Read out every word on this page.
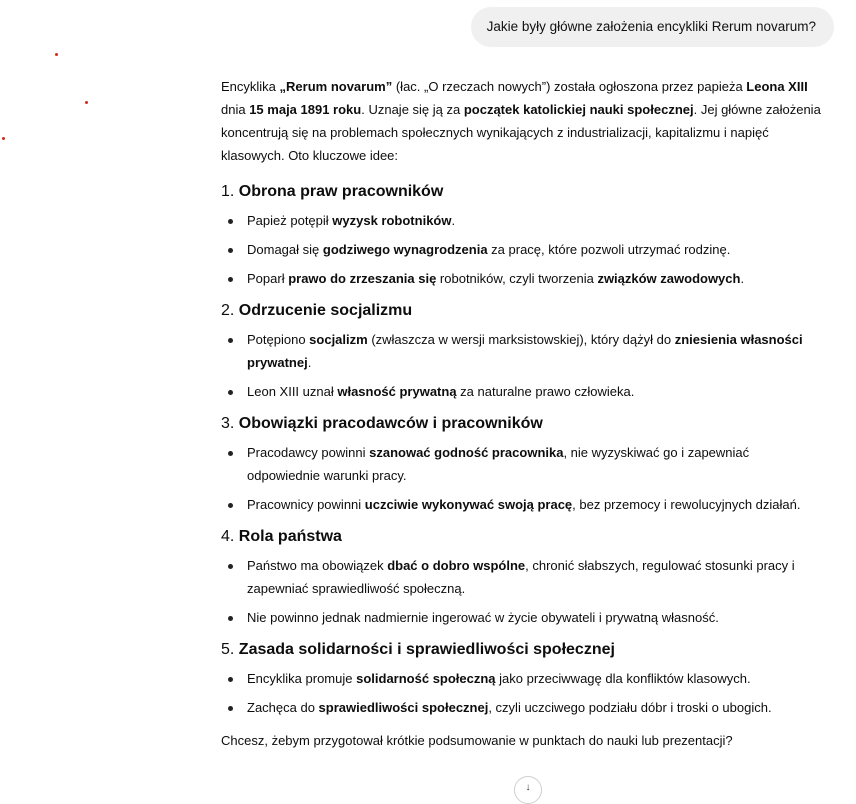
Jakie były główne założenia encykliki Rerum novarum?

Encyklika „Rerum novarum” (łac. „O rzeczach nowych”) została ogłoszona przez papieża Leona XIII dnia 15 maja 1891 roku. Uznaje się ją za początek katolickiej nauki społecznej. Jej główne założenia koncentrują się na problemach społecznych wynikających z industrializacji, kapitalizmu i napięć klasowych. Oto kluczowe idee:

1. Obrona praw pracowników
Papież potępił wyzysk robotników.
Domagał się godziwego wynagrodzenia za pracę, które pozwoli utrzymać rodzinę.
Poparł prawo do zrzeszania się robotników, czyli tworzenia związków zawodowych.
2. Odrzucenie socjalizmu
Potępiono socjalizm (zwłaszcza w wersji marksistowskiej), który dążył do zniesienia własności prywatnej.
Leon XIII uznał własność prywatną za naturalne prawo człowieka.
3. Obowiązki pracodawców i pracowników
Pracodawcy powinni szanować godność pracownika, nie wyzyskiwać go i zapewniać odpowiednie warunki pracy.
Pracownicy powinni uczciwie wykonywać swoją pracę, bez przemocy i rewolucyjnych działań.
4. Rola państwa
Państwo ma obowiązek dbać o dobro wspólne, chronić słabszych, regulować stosunki pracy i zapewniać sprawiedliwość społeczną.
Nie powinno jednak nadmiernie ingerować w życie obywateli i prywatną własność.
5. Zasada solidarności i sprawiedliwości społecznej
Encyklika promuje solidarność społeczną jako przeciwwagę dla konfliktów klasowych.
Zachęca do sprawiedliwości społecznej, czyli uczciwego podziału dóbr i troski o ubogich.

Chcesz, żebym przygotował krótkie podsumowanie w punktach do nauki lub prezentacji?

↓
